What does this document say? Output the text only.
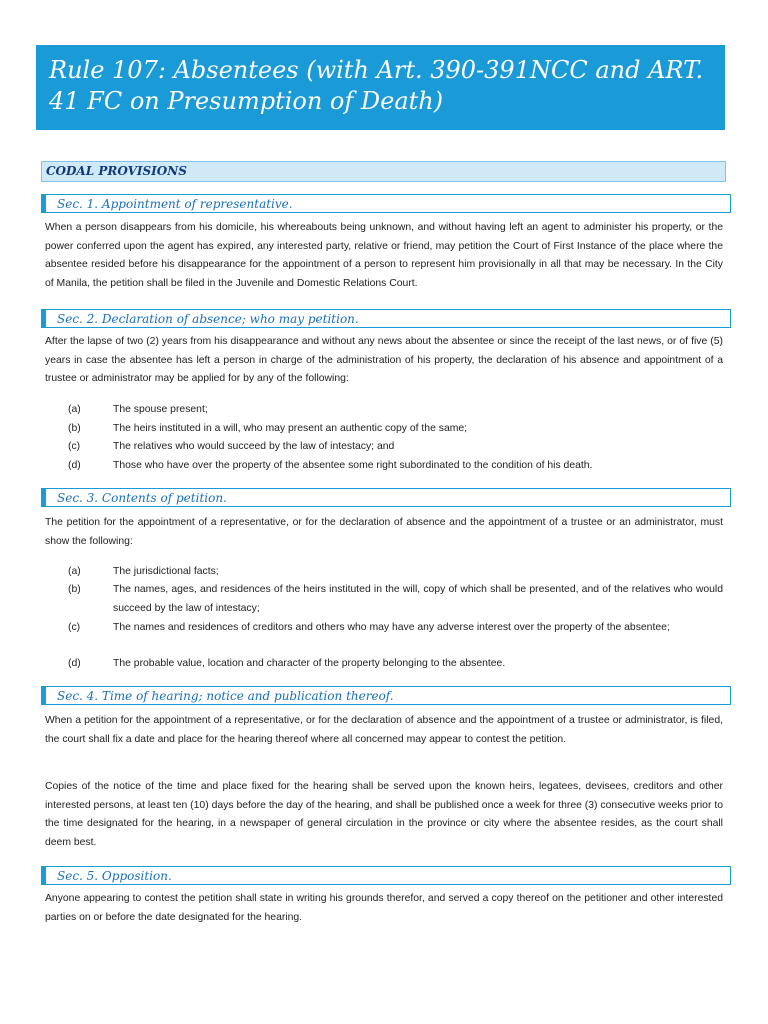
Rule 107: Absentees (with Art. 390-391NCC and ART. 41 FC on Presumption of Death)
CODAL PROVISIONS
Sec. 1. Appointment of representative.

When a person disappears from his domicile, his whereabouts being unknown, and without having left an agent to administer his property, or the power conferred upon the agent has expired, any interested party, relative or friend, may petition the Court of First Instance of the place where the absentee resided before his disappearance for the appointment of a person to represent him provisionally in all that may be necessary. In the City of Manila, the petition shall be filed in the Juvenile and Domestic Relations Court.

Sec. 2. Declaration of absence; who may petition.

After the lapse of two (2) years from his disappearance and without any news about the absentee or since the receipt of the last news, or of five (5) years in case the absentee has left a person in charge of the administration of his property, the declaration of his absence and appointment of a trustee or administrator may be applied for by any of the following:

(a)	The spouse present;
(b)	The heirs instituted in a will, who may present an authentic copy of the same;
(c)	The relatives who would succeed by the law of intestacy; and
(d)	Those who have over the property of the absentee some right subordinated to the condition of his death.
Sec. 3. Contents of petition.

The petition for the appointment of a representative, or for the declaration of absence and the appointment of a trustee or an administrator, must show the following:

(a)	The jurisdictional facts;
(b)	The names, ages, and residences of the heirs instituted in the will, copy of which shall be presented, and of the relatives who would succeed by the law of intestacy;
(c)	The names and residences of creditors and others who may have any adverse interest over the property of the absentee;
(d)	The probable value, location and character of the property belonging to the absentee.
Sec. 4. Time of hearing; notice and publication thereof.

When a petition for the appointment of a representative, or for the declaration of absence and the appointment of a trustee or administrator, is filed, the court shall fix a date and place for the hearing thereof where all concerned may appear to contest the petition.

Copies of the notice of the time and place fixed for the hearing shall be served upon the known heirs, legatees, devisees, creditors and other interested persons, at least ten (10) days before the day of the hearing, and shall be published once a week for three (3) consecutive weeks prior to the time designated for the hearing, in a newspaper of general circulation in the province or city where the absentee resides, as the court shall deem best.

Sec. 5. Opposition.

Anyone appearing to contest the petition shall state in writing his grounds therefor, and served a copy thereof on the petitioner and other interested parties on or before the date designated for the hearing.
